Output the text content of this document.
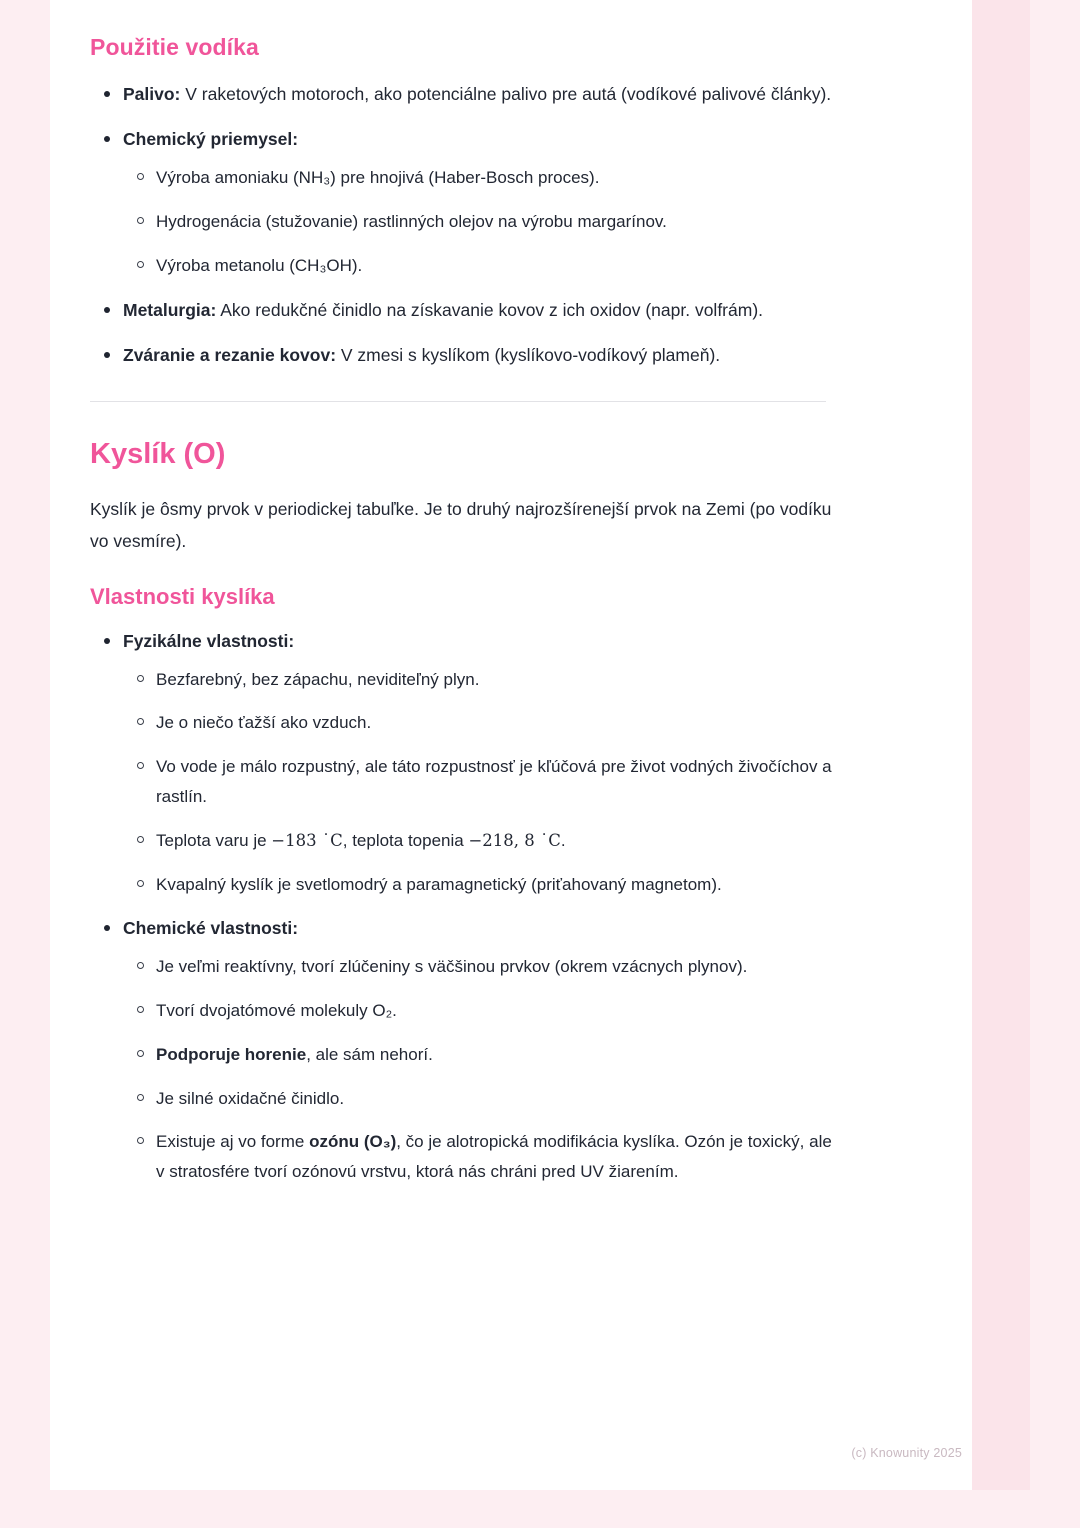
Použitie vodíka
Palivo: V raketových motoroch, ako potenciálne palivo pre autá (vodíkové palivové články).
Chemický priemysel:
Výroba amoniaku (NH₃) pre hnojivá (Haber-Bosch proces).
Hydrogenácia (stužovanie) rastlinných olejov na výrobu margarínov.
Výroba metanolu (CH₃OH).
Metalurgia: Ako redukčné činidlo na získavanie kovov z ich oxidov (napr. volfrám).
Zváranie a rezanie kovov: V zmesi s kyslíkom (kyslíkovo-vodíkový plameň).
Kyslík (O)

Kyslík je ôsmy prvok v periodickej tabuľke. Je to druhý najrozšírenejší prvok na Zemi (po vodíku vo vesmíre).

Vlastnosti kyslíka
Fyzikálne vlastnosti:
Bezfarebný, bez zápachu, neviditeľný plyn.
Je o niečo ťažší ako vzduch.
Vo vode je málo rozpustný, ale táto rozpustnosť je kľúčová pre život vodných živočíchov a rastlín.
Teplota varu je −183 ˙C, teplota topenia −218, 8 ˙C.
Kvapalný kyslík je svetlomodrý a paramagnetický (priťahovaný magnetom).
Chemické vlastnosti:
Je veľmi reaktívny, tvorí zlúčeniny s väčšinou prvkov (okrem vzácnych plynov).
Tvorí dvojatómové molekuly O₂.
Podporuje horenie, ale sám nehorí.
Je silné oxidačné činidlo.
Existuje aj vo forme ozónu (O₃), čo je alotropická modifikácia kyslíka. Ozón je toxický, ale v stratosfére tvorí ozónovú vrstvu, ktorá nás chráni pred UV žiarením.
(c) Knowunity 2025
